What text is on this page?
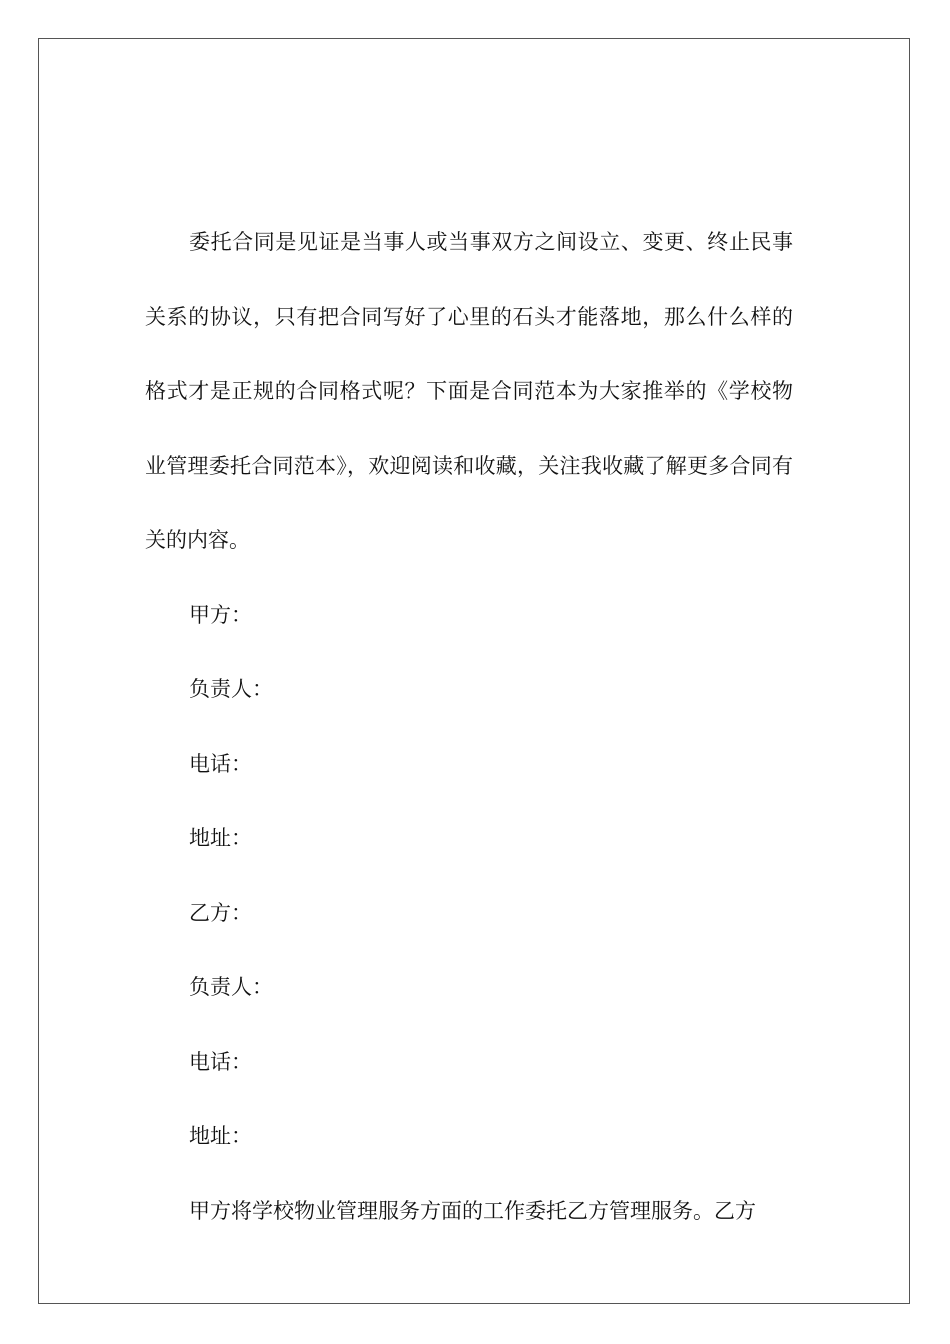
委托合同是见证是当事人或当事双方之间设立、变更、终止民事关系的协议，只有把合同写好了心里的石头才能落地，那么什么样的格式才是正规的合同格式呢？下面是合同范本为大家推举的《学校物业管理委托合同范本》，欢迎阅读和收藏，关注我收藏了解更多合同有关的内容。

甲方：

负责人：

电话：

地址：

乙方：

负责人：

电话：

地址：

甲方将学校物业管理服务方面的工作委托乙方管理服务。乙方
